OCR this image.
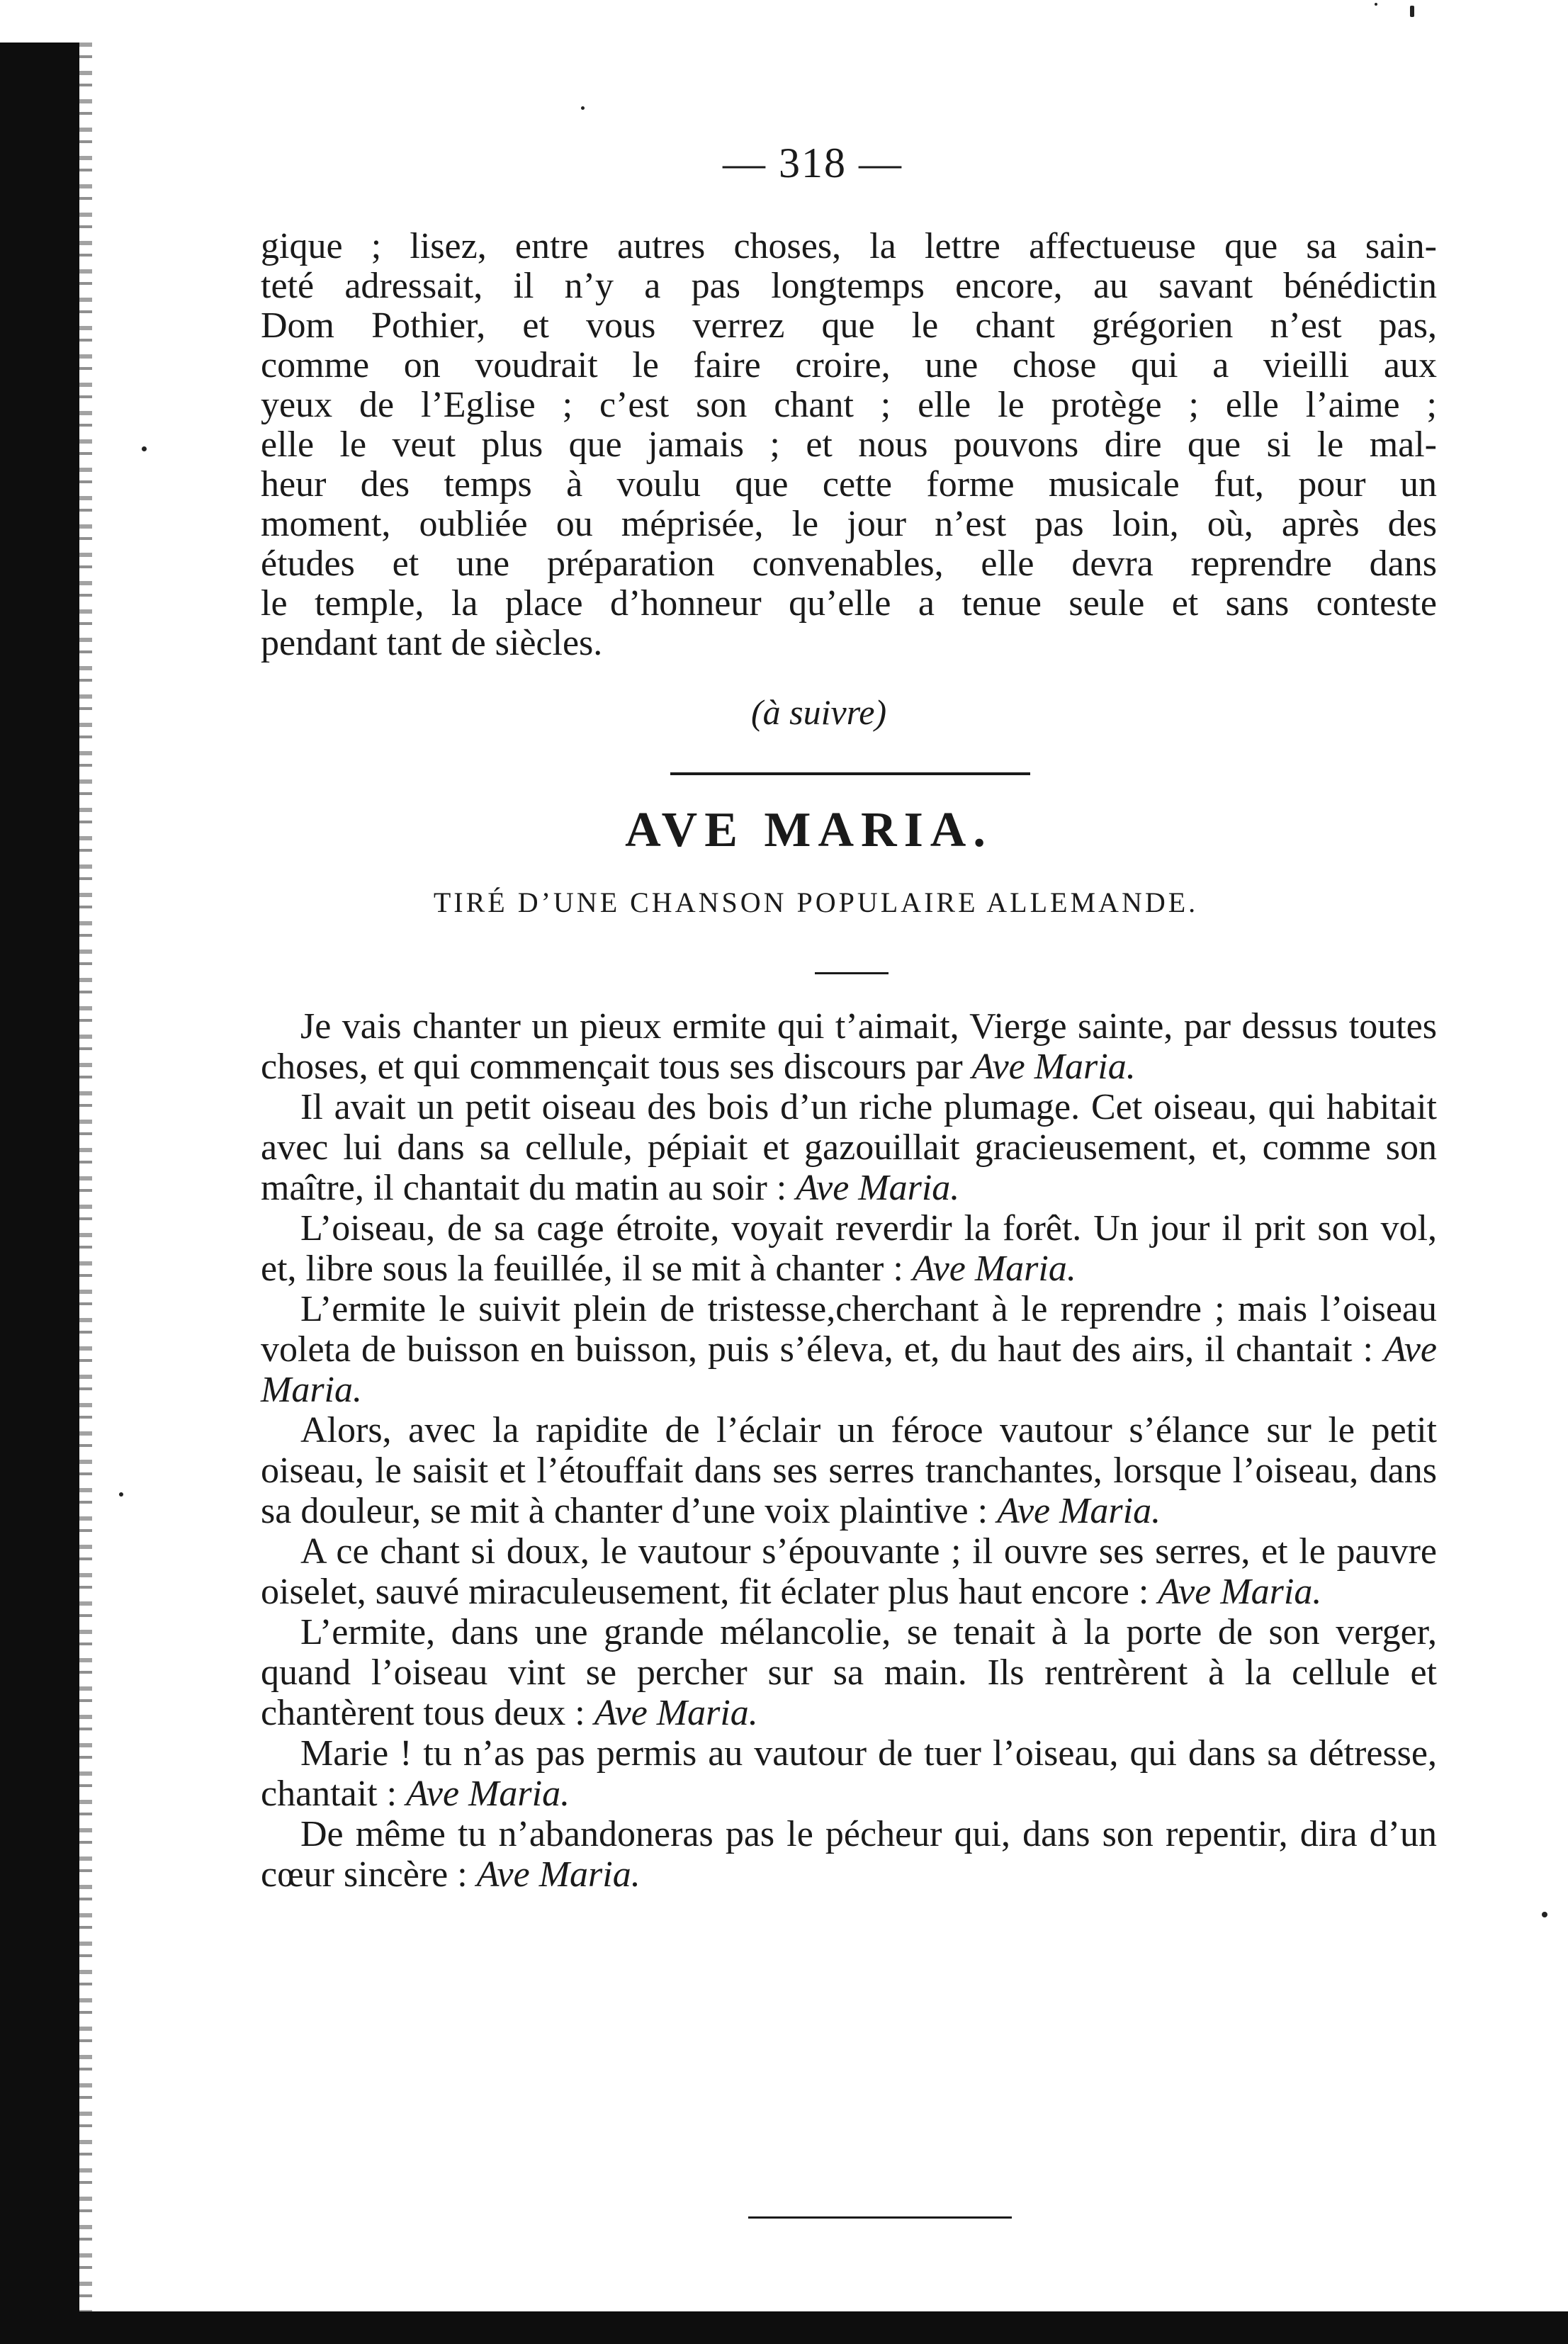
— 318 —
gique ; lisez, entre autres choses, la lettre affectueuse que sa sain-
teté adressait, il n’y a pas longtemps encore, au savant bénédictin
Dom Pothier, et vous verrez que le chant grégorien n’est pas,
comme on voudrait le faire croire, une chose qui a vieilli aux
yeux de l’Eglise ; c’est son chant ; elle le protège ; elle l’aime ;
elle le veut plus que jamais ; et nous pouvons dire que si le mal-
heur des temps à voulu que cette forme musicale fut, pour un
moment, oubliée ou méprisée, le jour n’est pas loin, où, après des
études et une préparation convenables, elle devra reprendre dans
le temple, la place d’honneur qu’elle a tenue seule et sans conteste
pendant tant de siècles.
(à suivre)
AVE MARIA.
TIRÉ D’UNE CHANSON POPULAIRE ALLEMANDE.

Je vais chanter un pieux ermite qui t’aimait, Vierge sainte, par dessus toutes choses, et qui commençait tous ses discours par Ave Maria.

Il avait un petit oiseau des bois d’un riche plumage. Cet oiseau, qui habitait avec lui dans sa cellule, pépiait et gazouillait gracieusement, et, comme son maître, il chantait du matin au soir : Ave Maria.

L’oiseau, de sa cage étroite, voyait reverdir la forêt. Un jour il prit son vol, et, libre sous la feuillée, il se mit à chanter : Ave Maria.

L’ermite le suivit plein de tristesse,cherchant à le reprendre ; mais l’oiseau voleta de buisson en buisson, puis s’éleva, et, du haut des airs, il chantait : Ave Maria.

Alors, avec la rapidite de l’éclair un féroce vautour s’élance sur le petit oiseau, le saisit et l’étouffait dans ses serres tranchantes, lorsque l’oiseau, dans sa douleur, se mit à chanter d’une voix plaintive : Ave Maria.

A ce chant si doux, le vautour s’épouvante ; il ouvre ses serres, et le pauvre oiselet, sauvé miraculeusement, fit éclater plus haut encore : Ave Maria.

L’ermite, dans une grande mélancolie, se tenait à la porte de son verger, quand l’oiseau vint se percher sur sa main. Ils rentrèrent à la cellule et chantèrent tous deux : Ave Maria.

Marie ! tu n’as pas permis au vautour de tuer l’oiseau, qui dans sa détresse, chantait : Ave Maria.

De même tu n’abandoneras pas le pécheur qui, dans son repentir, dira d’un cœur sincère : Ave Maria.
